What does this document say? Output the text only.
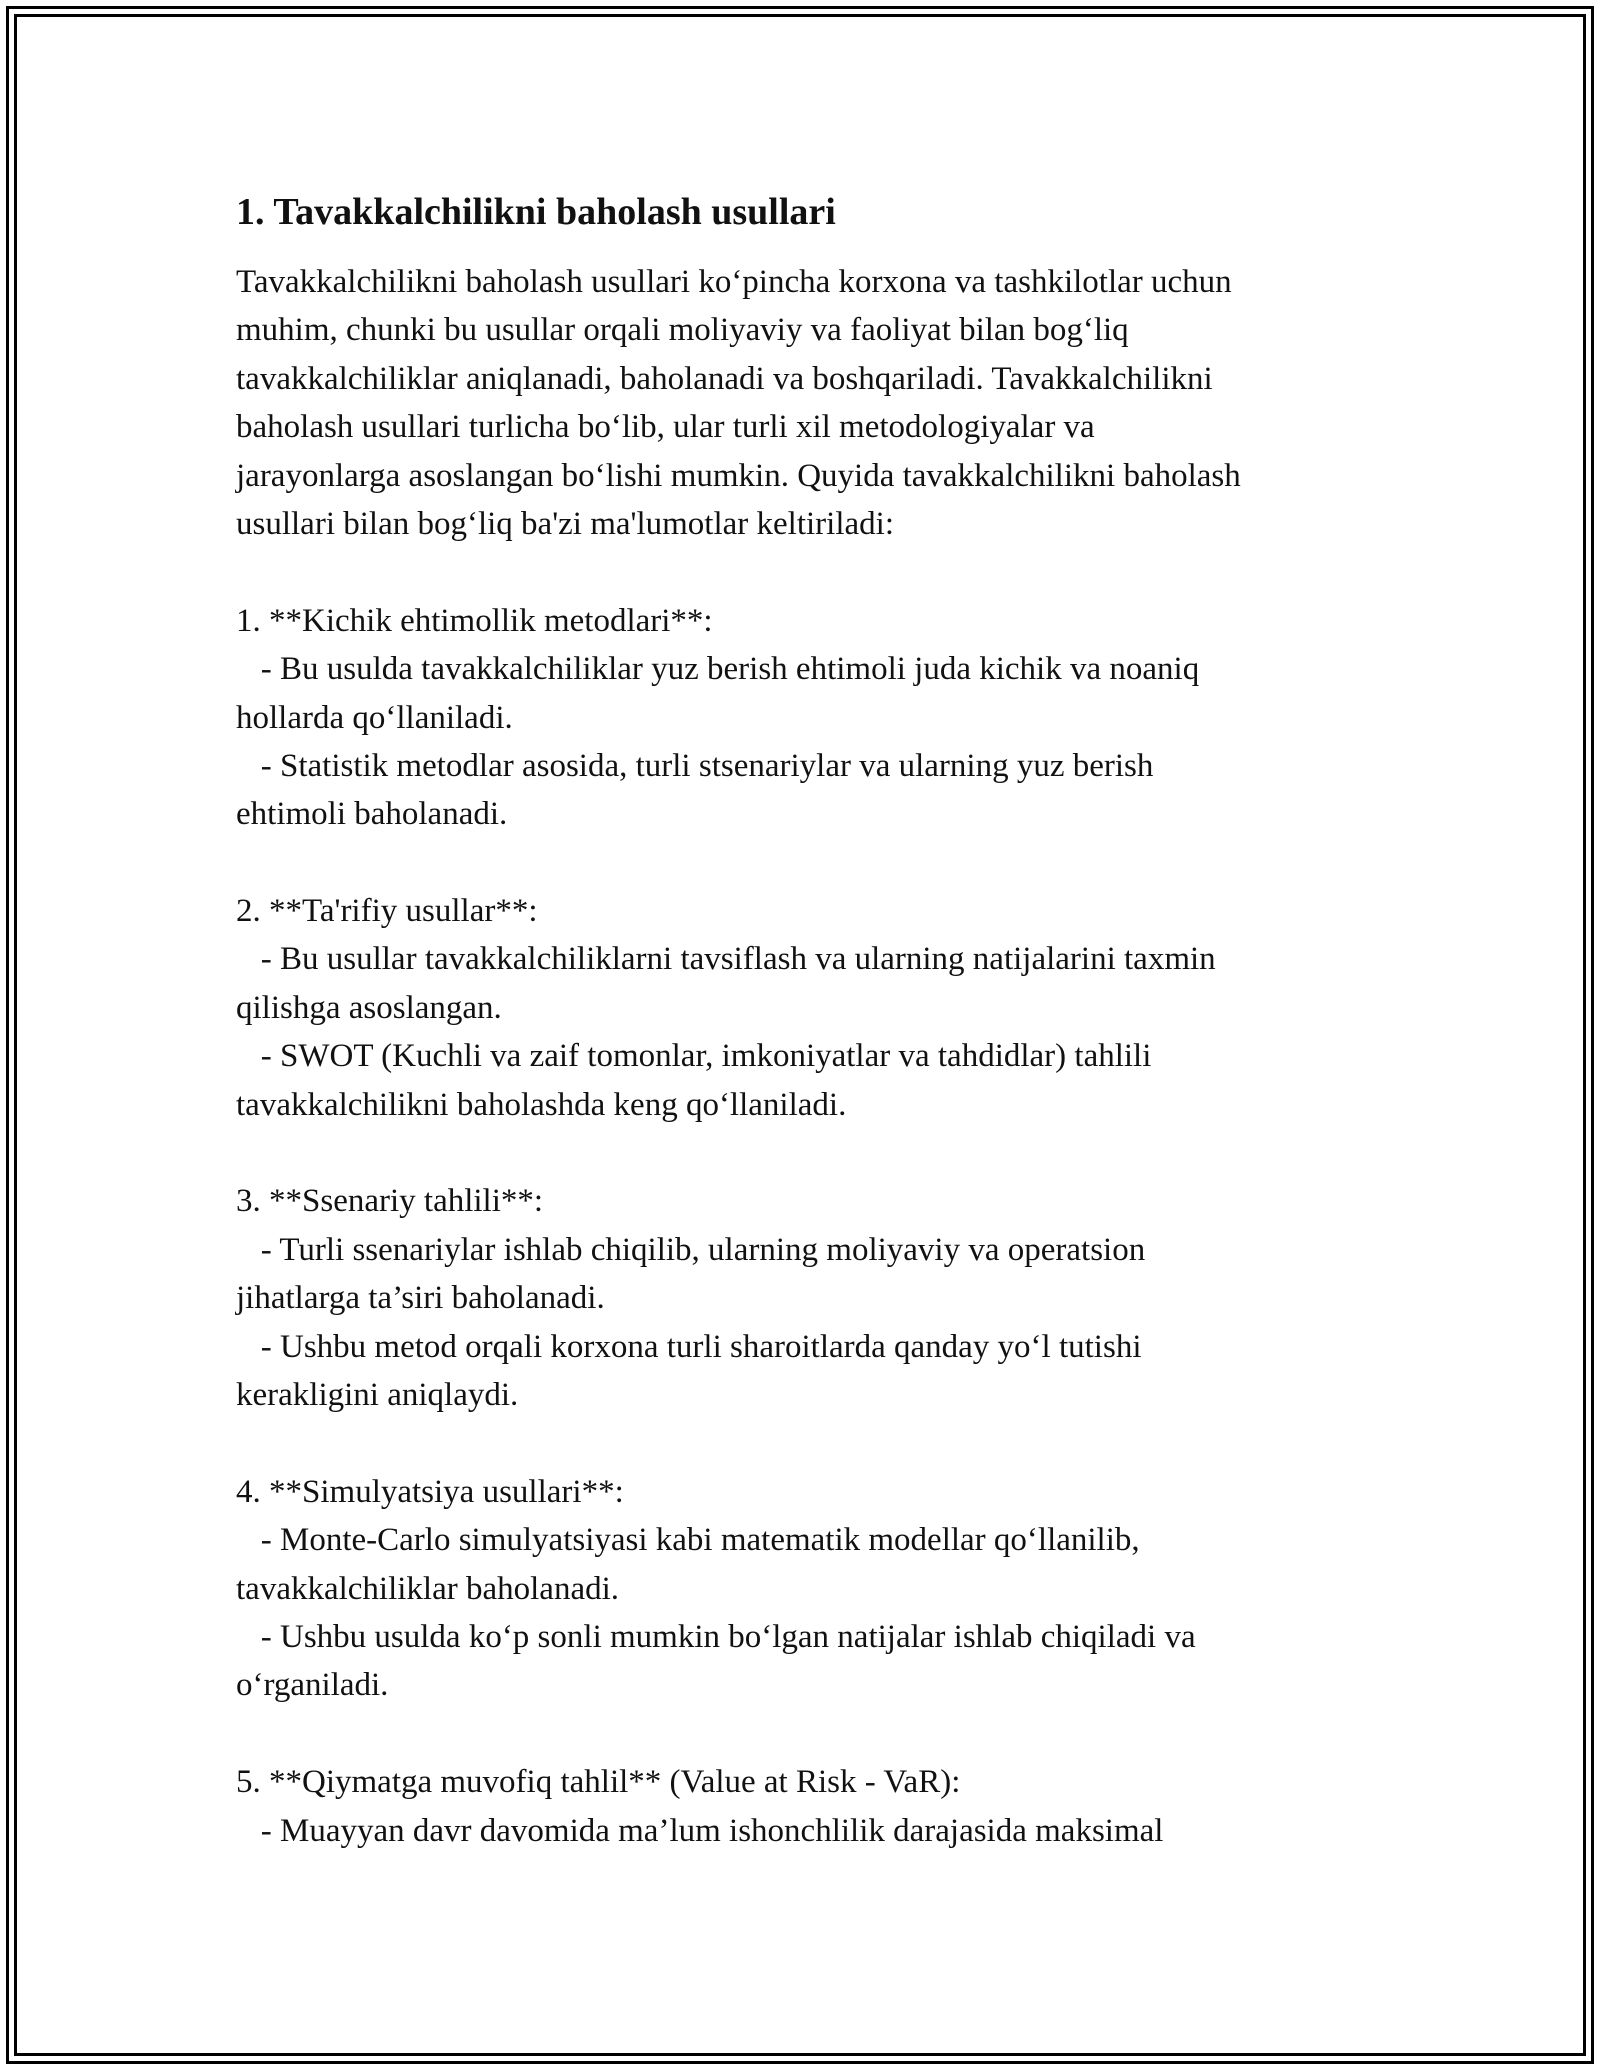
1. Tavakkalchilikni baholash usullari
Tavakkalchilikni baholash usullari ko‘pincha korxona va tashkilotlar uchun
muhim, chunki bu usullar orqali moliyaviy va faoliyat bilan bog‘liq
tavakkalchiliklar aniqlanadi, baholanadi va boshqariladi. Tavakkalchilikni
baholash usullari turlicha bo‘lib, ular turli xil metodologiyalar va
jarayonlarga asoslangan bo‘lishi mumkin. Quyida tavakkalchilikni baholash
usullari bilan bog‘liq ba'zi ma'lumotlar keltiriladi:
1. **Kichik ehtimollik metodlari**:
- Bu usulda tavakkalchiliklar yuz berish ehtimoli juda kichik va noaniq
hollarda qo‘llaniladi.
- Statistik metodlar asosida, turli stsenariylar va ularning yuz berish
ehtimoli baholanadi.
2. **Ta'rifiy usullar**:
- Bu usullar tavakkalchiliklarni tavsiflash va ularning natijalarini taxmin
qilishga asoslangan.
- SWOT (Kuchli va zaif tomonlar, imkoniyatlar va tahdidlar) tahlili
tavakkalchilikni baholashda keng qo‘llaniladi.
3. **Ssenariy tahlili**:
- Turli ssenariylar ishlab chiqilib, ularning moliyaviy va operatsion
jihatlarga ta’siri baholanadi.
- Ushbu metod orqali korxona turli sharoitlarda qanday yo‘l tutishi
kerakligini aniqlaydi.
4. **Simulyatsiya usullari**:
- Monte-Carlo simulyatsiyasi kabi matematik modellar qo‘llanilib,
tavakkalchiliklar baholanadi.
- Ushbu usulda ko‘p sonli mumkin bo‘lgan natijalar ishlab chiqiladi va
o‘rganiladi.
5. **Qiymatga muvofiq tahlil** (Value at Risk - VaR):
- Muayyan davr davomida ma’lum ishonchlilik darajasida maksimal
